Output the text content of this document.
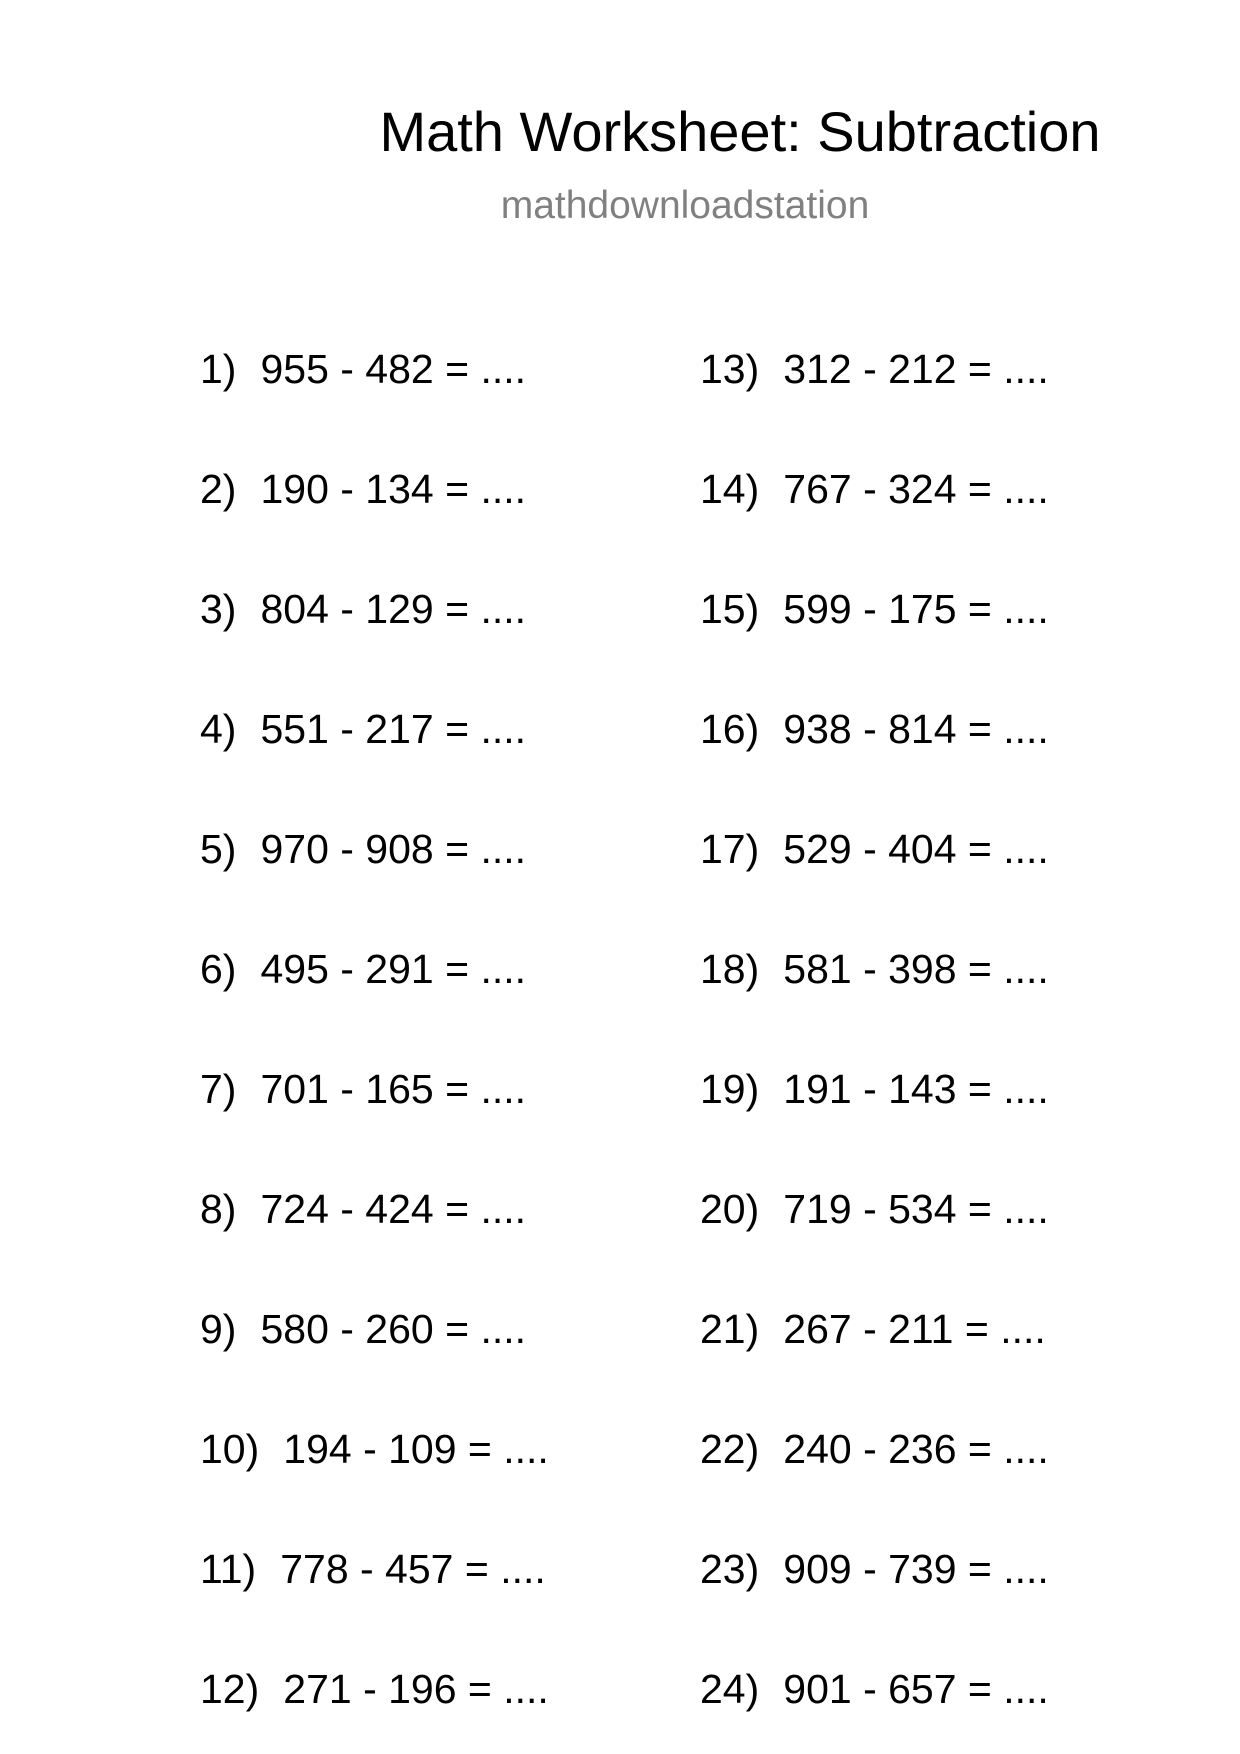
Math Worksheet: Subtraction
mathdownloadstation
1) 955 - 482 = ....
2) 190 - 134 = ....
3) 804 - 129 = ....
4) 551 - 217 = ....
5) 970 - 908 = ....
6) 495 - 291 = ....
7) 701 - 165 = ....
8) 724 - 424 = ....
9) 580 - 260 = ....
10) 194 - 109 = ....
11) 778 - 457 = ....
12) 271 - 196 = ....
13) 312 - 212 = ....
14) 767 - 324 = ....
15) 599 - 175 = ....
16) 938 - 814 = ....
17) 529 - 404 = ....
18) 581 - 398 = ....
19) 191 - 143 = ....
20) 719 - 534 = ....
21) 267 - 211 = ....
22) 240 - 236 = ....
23) 909 - 739 = ....
24) 901 - 657 = ....
